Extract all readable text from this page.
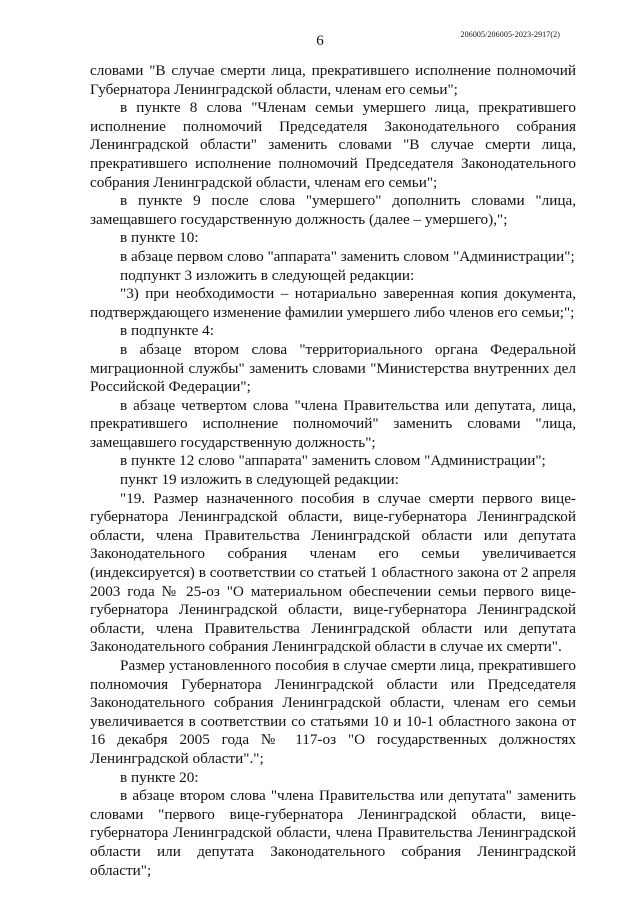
6	206005/206005-2023-2917(2)

словами "В случае смерти лица, прекратившего исполнение полномочий Губернатора Ленинградской области, членам его семьи";

в пункте 8 слова "Членам семьи умершего лица, прекратившего исполнение полномочий Председателя Законодательного собрания Ленинградской области" заменить словами "В случае смерти лица, прекратившего исполнение полномочий Председателя Законодательного собрания Ленинградской области, членам его семьи";

в пункте 9 после слова "умершего" дополнить словами "лица, замещавшего государственную должность (далее – умершего),";

в пункте 10:

в абзаце первом слово "аппарата" заменить словом "Администрации";

подпункт 3 изложить в следующей редакции:

"3) при необходимости – нотариально заверенная копия документа, подтверждающего изменение фамилии умершего либо членов его семьи;";

в подпункте 4:

в абзаце втором слова "территориального органа Федеральной миграционной службы" заменить словами "Министерства внутренних дел Российской Федерации";

в абзаце четвертом слова "члена Правительства или депутата, лица, прекратившего исполнение полномочий" заменить словами "лица, замещавшего государственную должность";

в пункте 12 слово "аппарата" заменить словом "Администрации";

пункт 19 изложить в следующей редакции:

"19. Размер назначенного пособия в случае смерти первого вице-губернатора Ленинградской области, вице-губернатора Ленинградской области, члена Правительства Ленинградской области или депутата Законодательного собрания членам его семьи увеличивается (индексируется) в соответствии со статьей 1 областного закона от 2 апреля 2003 года № 25-оз "О материальном обеспечении семьи первого вице-губернатора Ленинградской области, вице-губернатора Ленинградской области, члена Правительства Ленинградской области или депутата Законодательного собрания Ленинградской области в случае их смерти".

Размер установленного пособия в случае смерти лица, прекратившего полномочия Губернатора Ленинградской области или Председателя Законодательного собрания Ленинградской области, членам его семьи увеличивается в соответствии со статьями 10 и 10-1 областного закона от 16 декабря 2005 года № 117-оз "О государственных должностях Ленинградской области".";

в пункте 20:

в абзаце втором слова "члена Правительства или депутата" заменить словами "первого вице-губернатора Ленинградской области, вице-губернатора Ленинградской области, члена Правительства Ленинградской области или депутата Законодательного собрания Ленинградской области";
